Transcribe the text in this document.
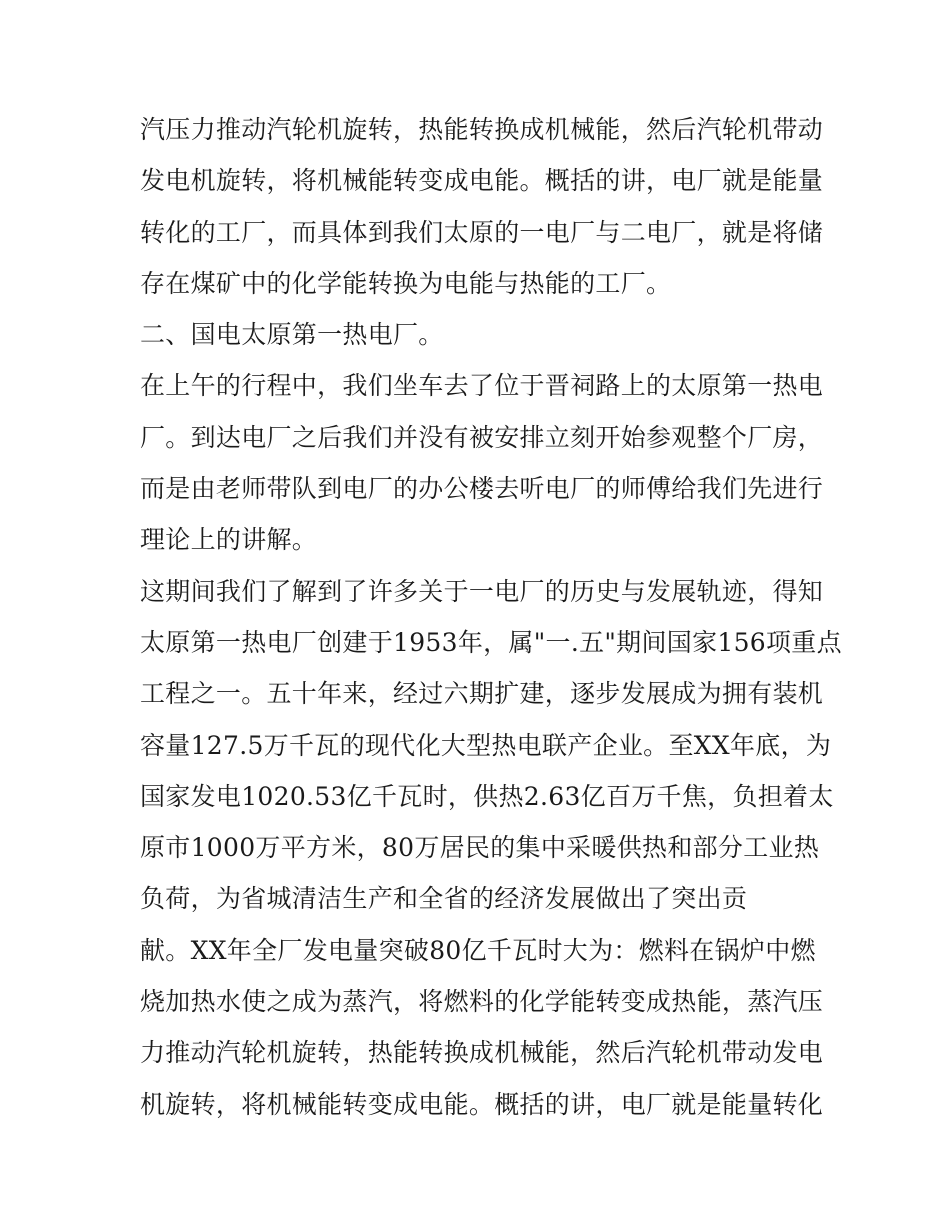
汽压力推动汽轮机旋转，热能转换成机械能，然后汽轮机带动
发电机旋转，将机械能转变成电能。概括的讲，电厂就是能量
转化的工厂，而具体到我们太原的一电厂与二电厂，就是将储
存在煤矿中的化学能转换为电能与热能的工厂。
二、国电太原第一热电厂。
在上午的行程中，我们坐车去了位于晋祠路上的太原第一热电
厂。到达电厂之后我们并没有被安排立刻开始参观整个厂房，
而是由老师带队到电厂的办公楼去听电厂的师傅给我们先进行
理论上的讲解。
这期间我们了解到了许多关于一电厂的历史与发展轨迹，得知
太原第一热电厂创建于1953年，属"一.五"期间国家156项重点
工程之一。五十年来，经过六期扩建，逐步发展成为拥有装机
容量127.5万千瓦的现代化大型热电联产企业。至XX年底，为
国家发电1020.53亿千瓦时，供热2.63亿百万千焦，负担着太
原市1000万平方米，80万居民的集中采暖供热和部分工业热
负荷，为省城清洁生产和全省的经济发展做出了突出贡
献。XX年全厂发电量突破80亿千瓦时大为：燃料在锅炉中燃
烧加热水使之成为蒸汽，将燃料的化学能转变成热能，蒸汽压
力推动汽轮机旋转，热能转换成机械能，然后汽轮机带动发电
机旋转，将机械能转变成电能。概括的讲，电厂就是能量转化
